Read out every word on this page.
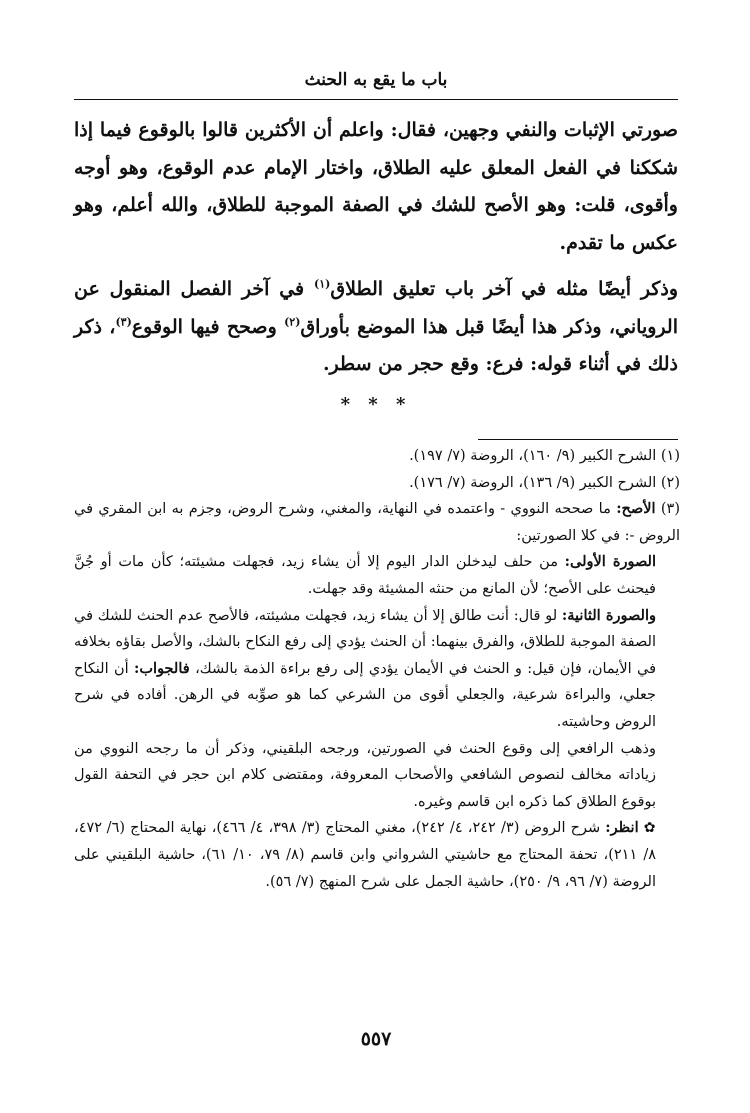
باب ما يقع به الحنث

صورتي الإثبات والنفي وجهين، فقال: واعلم أن الأكثرين قالوا بالوقوع فيما إذا شككنا في الفعل المعلق عليه الطلاق، واختار الإمام عدم الوقوع، وهو أوجه وأقوى، قلت: وهو الأصح للشك في الصفة الموجبة للطلاق، والله أعلم، وهو عكس ما تقدم.

وذكر أيضًا مثله في آخر باب تعليق الطلاق$^{(١)}$ في آخر الفصل المنقول عن الروياني، وذكر هذا أيضًا قبل هذا الموضع بأوراق$^{(٢)}$ وصحح فيها الوقوع$^{(٣)}$، ذكر ذلك في أثناء قوله: فرع: وقع حجر من سطر.

* * *

(١) الشرح الكبير (٩/ ١٦٠)، الروضة (٧/ ١٩٧).

(٢) الشرح الكبير (٩/ ١٣٦)، الروضة (٧/ ١٧٦).

(٣) الأصح: ما صححه النووي - واعتمده في النهاية، والمغني، وشرح الروض، وجزم به ابن المقري في الروض -: في كلا الصورتين:

الصورة الأولى: من حلف ليدخلن الدار اليوم إلا أن يشاء زيد، فجهلت مشيئته؛ كأن مات أو جُنَّ فيحنث على الأصح؛ لأن المانع من حنثه المشيئة وقد جهلت.

والصورة الثانية: لو قال: أنت طالق إلا أن يشاء زيد، فجهلت مشيئته، فالأصح عدم الحنث للشك في الصفة الموجبة للطلاق، والفرق بينهما: أن الحنث يؤدي إلى رفع النكاح بالشك، والأصل بقاؤه بخلافه في الأيمان، فإن قيل: و الحنث في الأيمان يؤدي إلى رفع براءة الذمة بالشك، فالجواب: أن النكاح جعلي، والبراءة شرعية، والجعلي أقوى من الشرعي كما هو صوِّبه في الرهن. أفاده في شرح الروض وحاشيته.

وذهب الرافعي إلى وقوع الحنث في الصورتين، ورجحه البلقيني، وذكر أن ما رجحه النووي من زياداته مخالف لنصوص الشافعي والأصحاب المعروفة، ومقتضى كلام ابن حجر في التحفة القول بوقوع الطلاق كما ذكره ابن قاسم وغيره.

✿ انظر: شرح الروض (٣/ ٢٤٢، ٤/ ٢٤٢)، مغني المحتاج (٣/ ٣٩٨، ٤/ ٤٦٦)، نهاية المحتاج (٦/ ٤٧٢، ٨/ ٢١١)، تحفة المحتاج مع حاشيتي الشرواني وابن قاسم (٨/ ٧٩، ١٠/ ٦١)، حاشية البلقيني على الروضة (٧/ ٩٦، ٩/ ٢٥٠)، حاشية الجمل على شرح المنهج (٧/ ٥٦).

٥٥٧
